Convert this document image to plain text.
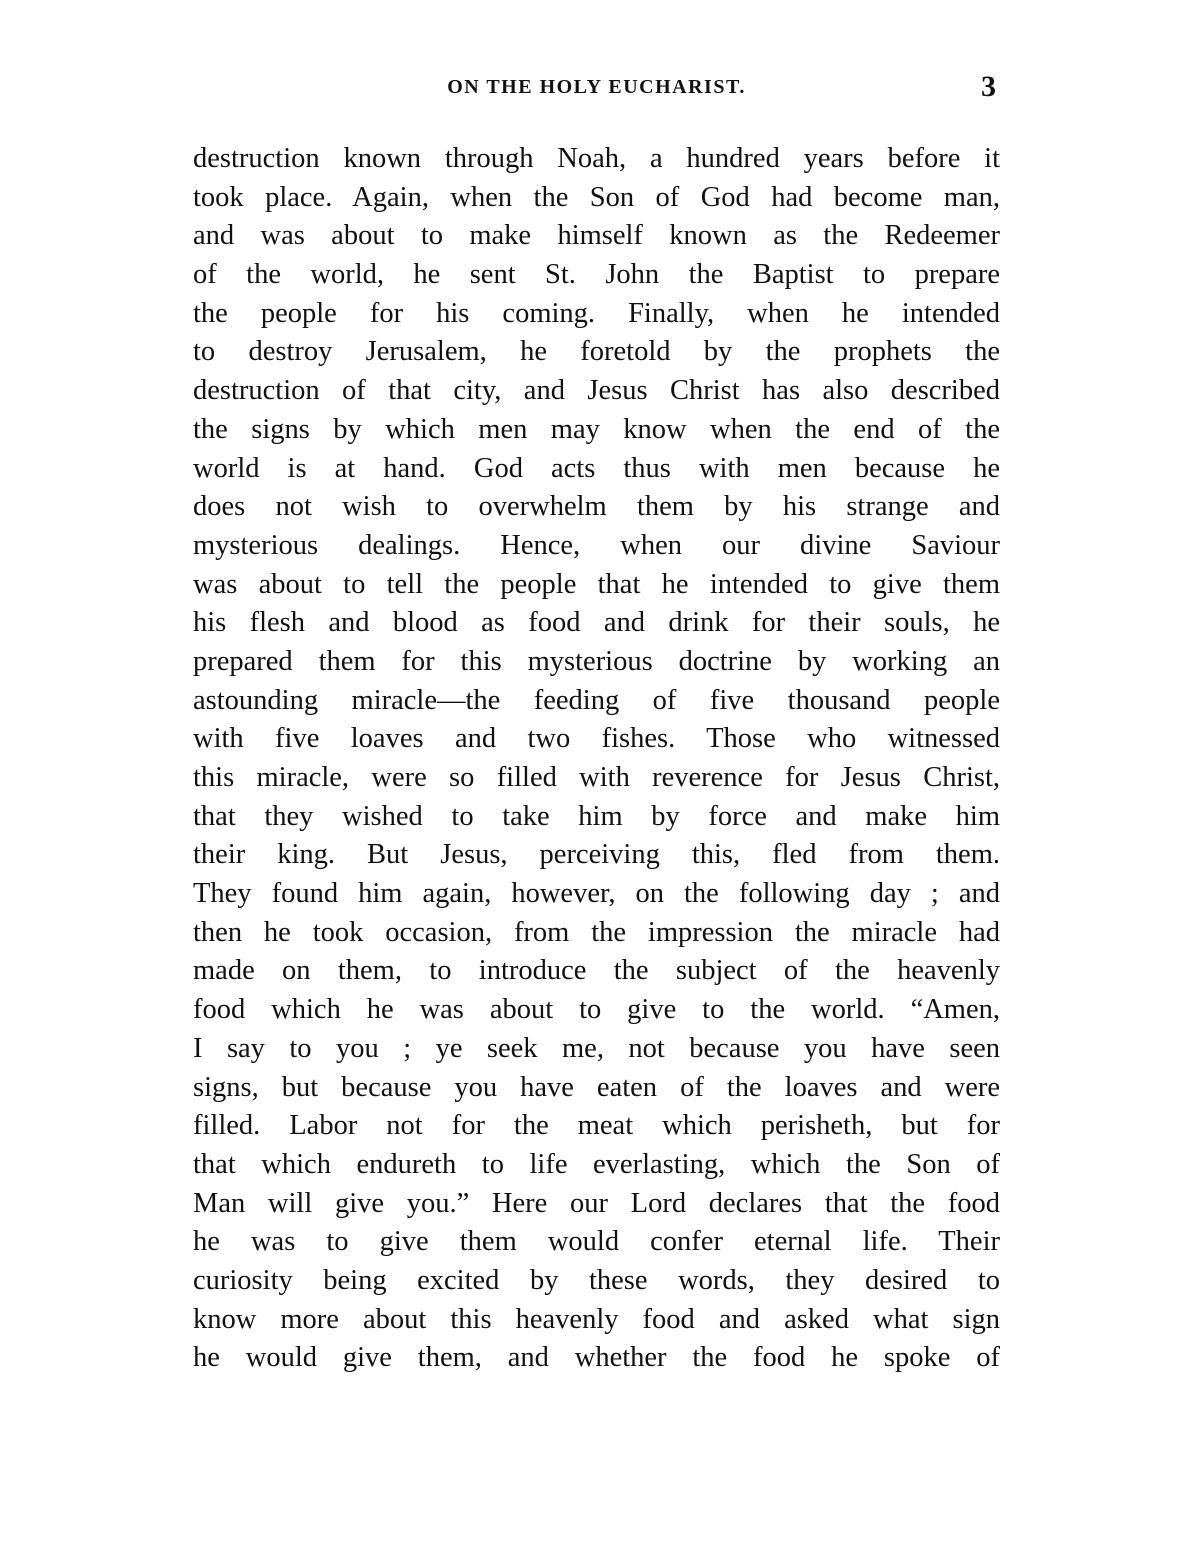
ON THE HOLY EUCHARIST.	3
destruction known through Noah, a hundred years before it
took place. Again, when the Son of God had become man,
and was about to make himself known as the Redeemer
of the world, he sent St. John the Baptist to prepare
the people for his coming. Finally, when he intended
to destroy Jerusalem, he foretold by the prophets the
destruction of that city, and Jesus Christ has also described
the signs by which men may know when the end of the
world is at hand. God acts thus with men because he
does not wish to overwhelm them by his strange and
mysterious dealings. Hence, when our divine Saviour
was about to tell the people that he intended to give them
his flesh and blood as food and drink for their souls, he
prepared them for this mysterious doctrine by working an
astounding miracle—the feeding of five thousand people
with five loaves and two fishes. Those who witnessed
this miracle, were so filled with reverence for Jesus Christ,
that they wished to take him by force and make him
their king. But Jesus, perceiving this, fled from them.
They found him again, however, on the following day ; and
then he took occasion, from the impression the miracle had
made on them, to introduce the subject of the heavenly
food which he was about to give to the world. “Amen,
I say to you ; ye seek me, not because you have seen
signs, but because you have eaten of the loaves and were
filled. Labor not for the meat which perisheth, but for
that which endureth to life everlasting, which the Son of
Man will give you.” Here our Lord declares that the food
he was to give them would confer eternal life. Their
curiosity being excited by these words, they desired to
know more about this heavenly food and asked what sign
he would give them, and whether the food he spoke of
